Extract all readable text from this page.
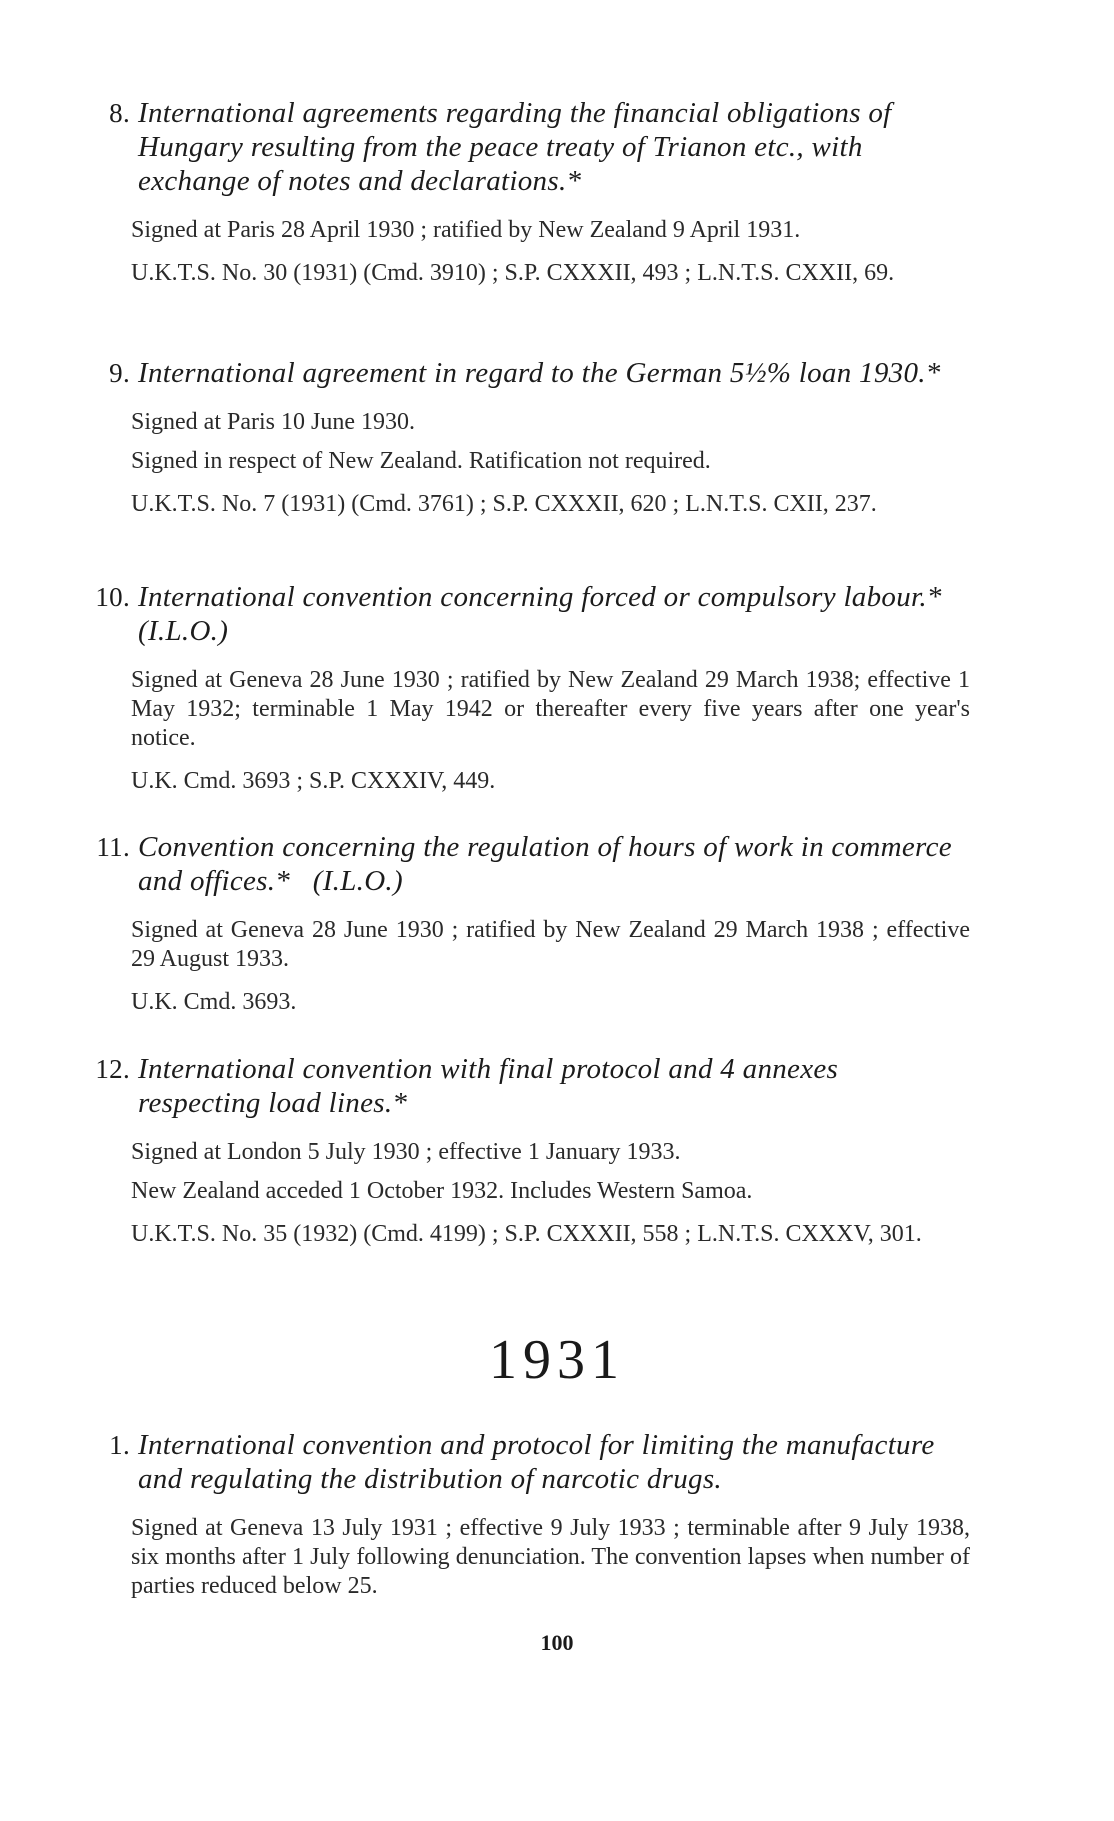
8. International agreements regarding the financial obligations of
Hungary resulting from the peace treaty of Trianon etc., with
exchange of notes and declarations.*

Signed at Paris 28 April 1930 ; ratified by New Zealand 9 April 1931.

U.K.T.S. No. 30 (1931) (Cmd. 3910) ; S.P. CXXXII, 493 ; L.N.T.S. CXXII, 69.

9. International agreement in regard to the German 5½% loan 1930.*

Signed at Paris 10 June 1930.

Signed in respect of New Zealand. Ratification not required.

U.K.T.S. No. 7 (1931) (Cmd. 3761) ; S.P. CXXXII, 620 ; L.N.T.S. CXII, 237.

10. International convention concerning forced or compulsory labour.*
(I.L.O.)

Signed at Geneva 28 June 1930 ; ratified by New Zealand 29 March 1938; effective 1 May 1932; terminable 1 May 1942 or thereafter every five years after one year's notice.

U.K. Cmd. 3693 ; S.P. CXXXIV, 449.

11. Convention concerning the regulation of hours of work in commerce
and offices.*   (I.L.O.)

Signed at Geneva 28 June 1930 ; ratified by New Zealand 29 March 1938 ; effective 29 August 1933.

U.K. Cmd. 3693.

12. International convention with final protocol and 4 annexes
respecting load lines.*

Signed at London 5 July 1930 ; effective 1 January 1933.

New Zealand acceded 1 October 1932. Includes Western Samoa.

U.K.T.S. No. 35 (1932) (Cmd. 4199) ; S.P. CXXXII, 558 ; L.N.T.S. CXXXV, 301.

1931
1. International convention and protocol for limiting the manufacture
and regulating the distribution of narcotic drugs.

Signed at Geneva 13 July 1931 ; effective 9 July 1933 ; terminable after 9 July 1938, six months after 1 July following denunciation. The convention lapses when number of parties reduced below 25.

100
